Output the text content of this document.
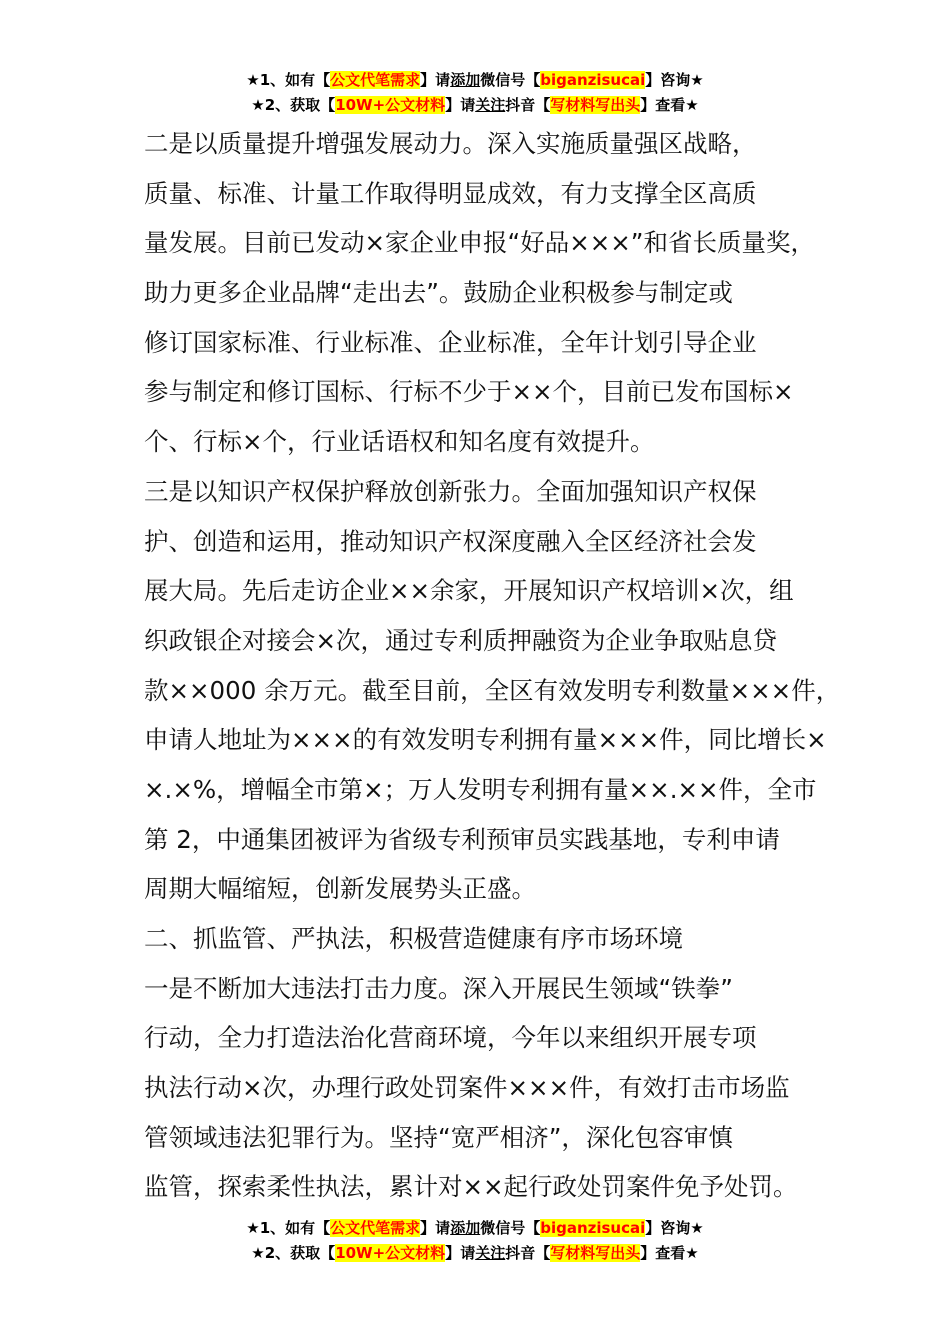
★1、如有【公文代笔需求】请添加微信号【biganzisucai】咨询★
★2、获取【10W+公文材料】请关注抖音【写材料写出头】查看★
二是以质量提升增强发展动力。深入实施质量强区战略，
质量、标准、计量工作取得明显成效，有力支撑全区高质
量发展。目前已发动×家企业申报“好品×××”和省长质量奖，
助力更多企业品牌“走出去”。鼓励企业积极参与制定或
修订国家标准、行业标准、企业标准，全年计划引导企业
参与制定和修订国标、行标不少于××个，目前已发布国标×
个、行标×个，行业话语权和知名度有效提升。
三是以知识产权保护释放创新张力。全面加强知识产权保
护、创造和运用，推动知识产权深度融入全区经济社会发
展大局。先后走访企业××余家，开展知识产权培训×次，组
织政银企对接会×次，通过专利质押融资为企业争取贴息贷
款××000 余万元。截至目前，全区有效发明专利数量×××件，
申请人地址为×××的有效发明专利拥有量×××件，同比增长×
×.×%，增幅全市第×；万人发明专利拥有量××.××件，全市
第 2，中通集团被评为省级专利预审员实践基地，专利申请
周期大幅缩短，创新发展势头正盛。
二、抓监管、严执法，积极营造健康有序市场环境
一是不断加大违法打击力度。深入开展民生领域“铁拳”
行动，全力打造法治化营商环境，今年以来组织开展专项
执法行动×次，办理行政处罚案件×××件，有效打击市场监
管领域违法犯罪行为。坚持“宽严相济”，深化包容审慎
监管，探索柔性执法，累计对××起行政处罚案件免予处罚。
★1、如有【公文代笔需求】请添加微信号【biganzisucai】咨询★
★2、获取【10W+公文材料】请关注抖音【写材料写出头】查看★
